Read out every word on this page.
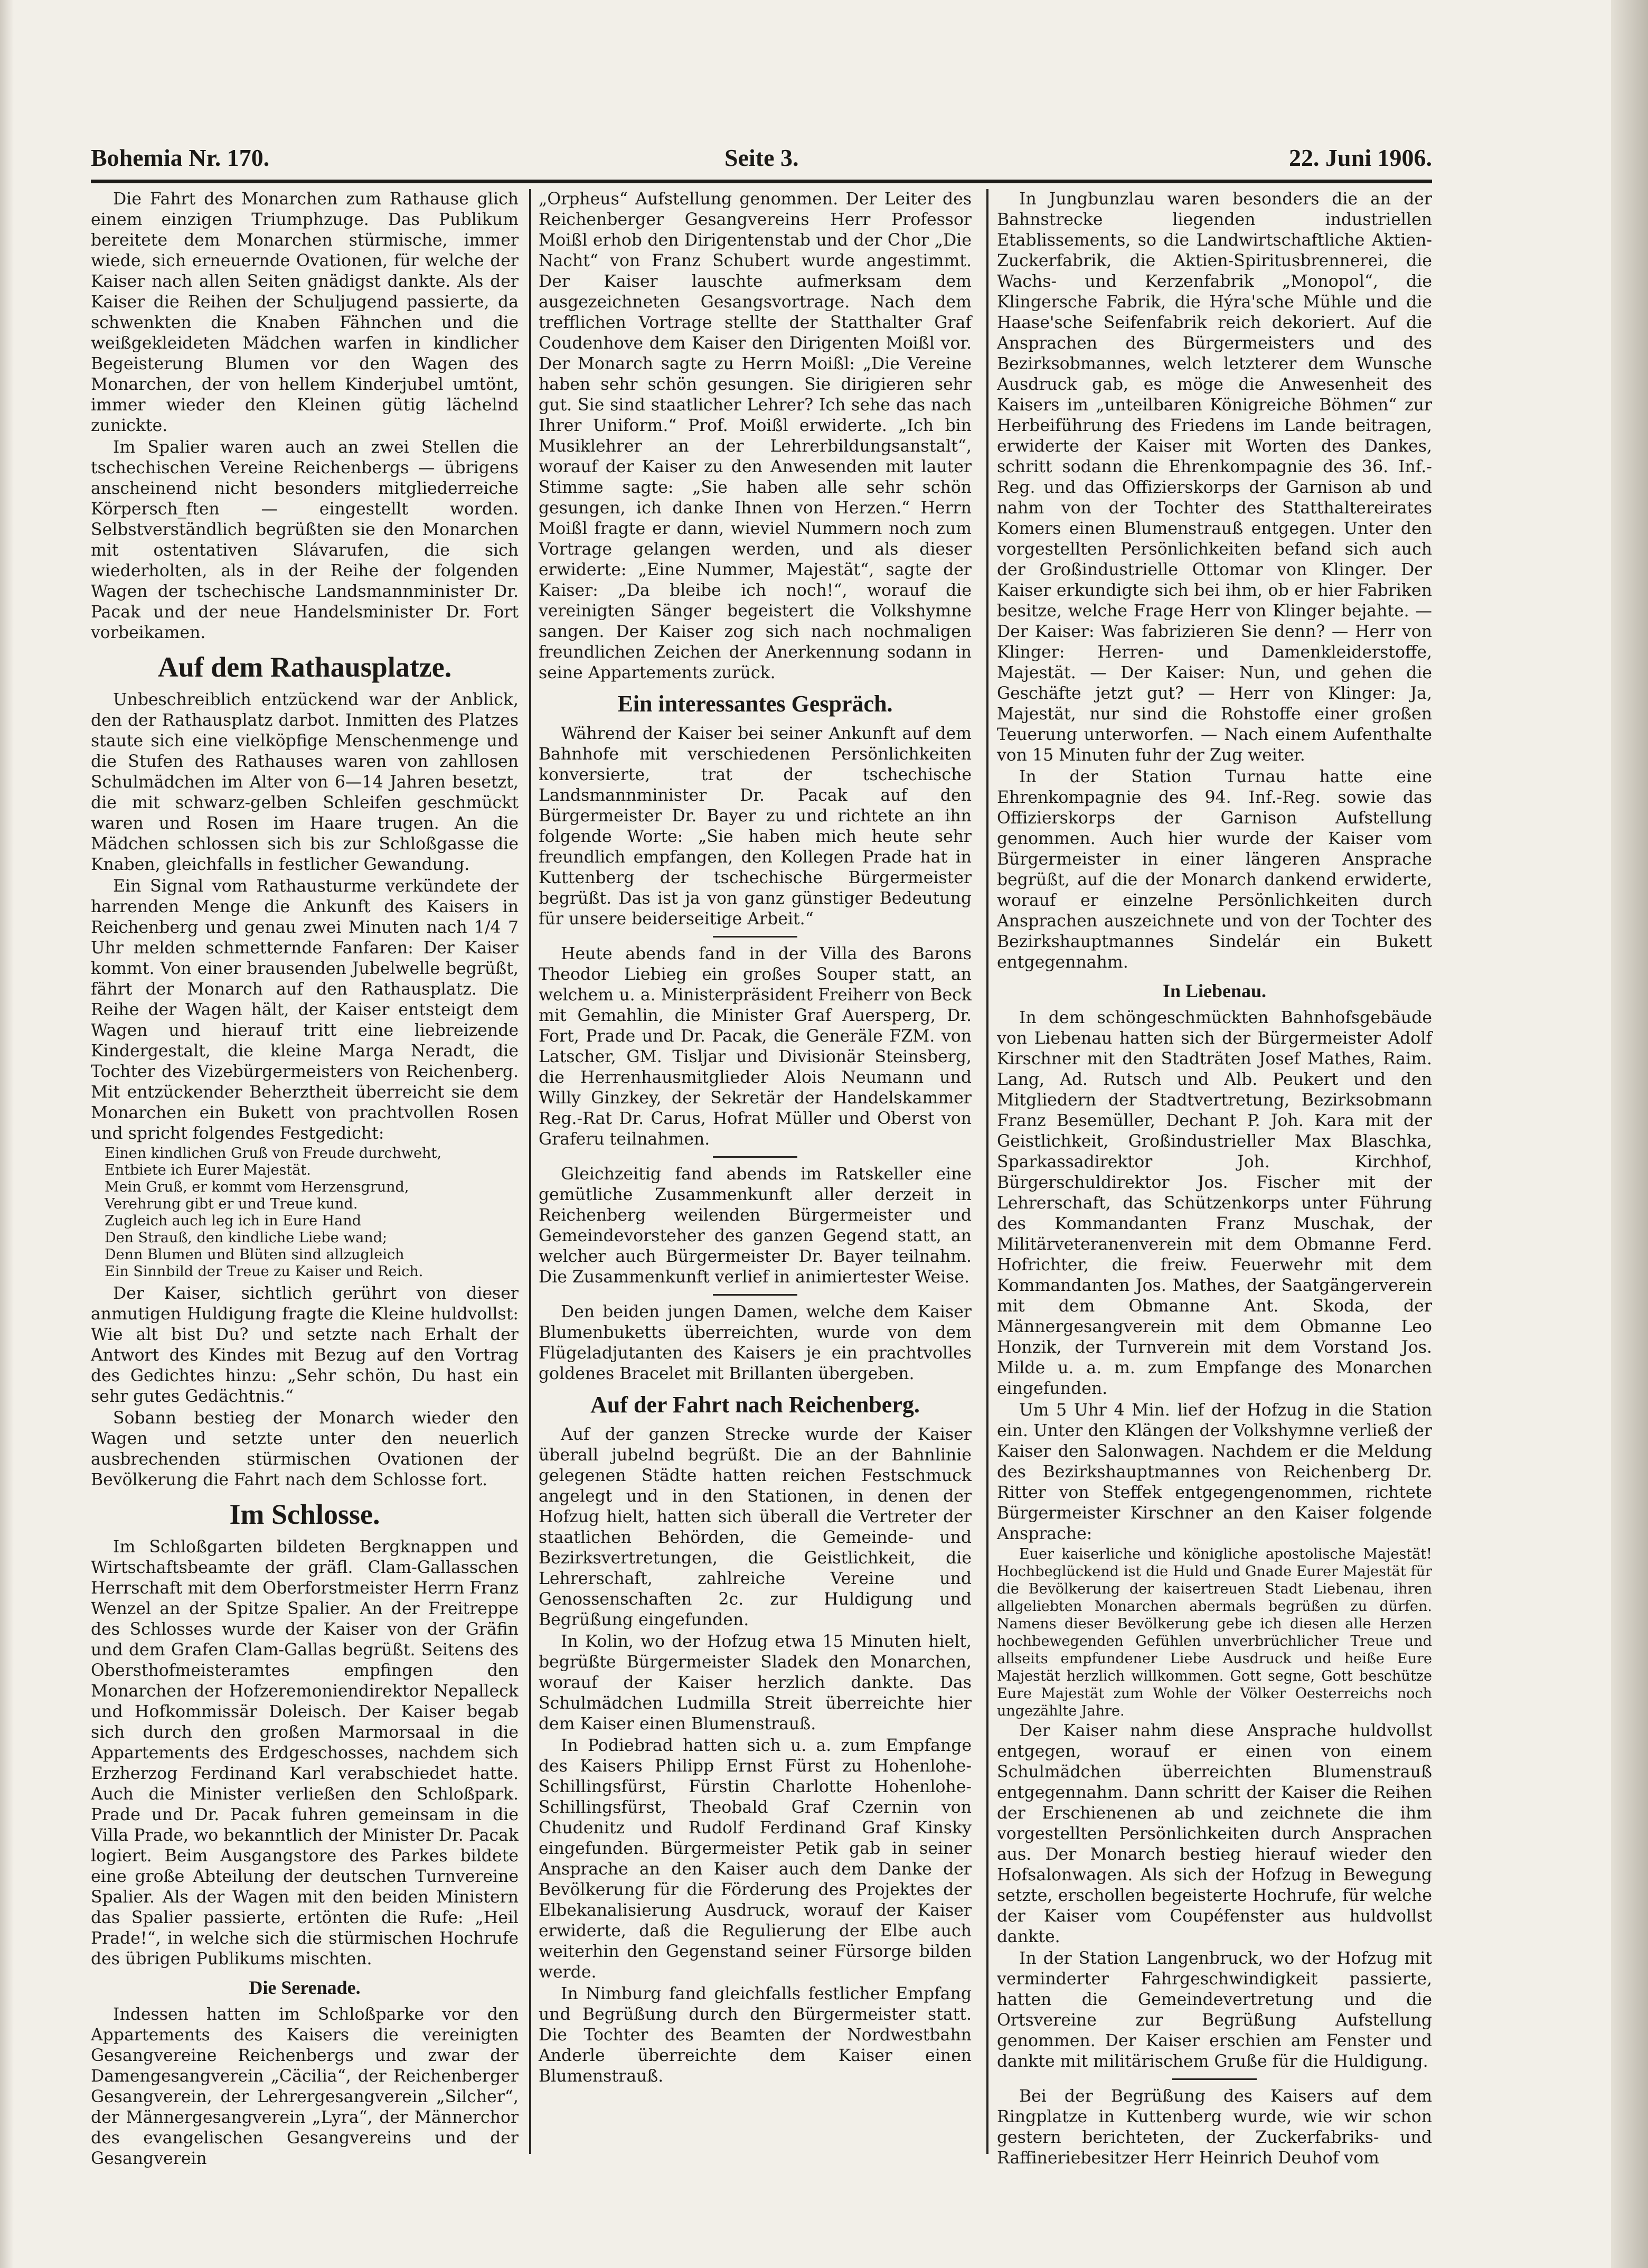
Bohemia Nr. 170.	Seite 3.	22. Juni 1906.

Die Fahrt des Monarchen zum Rathause glich einem einzigen Triumphzuge. Das Publikum bereitete dem Monarchen stürmische, immer wiede, sich erneuernde Ovationen, für welche der Kaiser nach allen Seiten gnädigst dankte. Als der Kaiser die Reihen der Schuljugend passierte, da schwenkten die Knaben Fähnchen und die weißgekleideten Mädchen warfen in kindlicher Begeisterung Blumen vor den Wagen des Monarchen, der von hellem Kinderjubel umtönt, immer wieder den Kleinen gütig lächelnd zunickte.

Im Spalier waren auch an zwei Stellen die tschechischen Vereine Reichenbergs — übrigens anscheinend nicht besonders mitgliederreiche Körpersch_ften — eingestellt worden. Selbstverständlich begrüßten sie den Monarchen mit ostentativen Slávarufen, die sich wiederholten, als in der Reihe der folgenden Wagen der tschechische Landsmannminister Dr. Pacak und der neue Handelsminister Dr. Fort vorbeikamen.

Auf dem Rathausplatze.

Unbeschreiblich entzückend war der Anblick, den der Rathausplatz darbot. Inmitten des Platzes staute sich eine vielköpfige Menschenmenge und die Stufen des Rathauses waren von zahllosen Schulmädchen im Alter von 6—14 Jahren besetzt, die mit schwarz-gelben Schleifen geschmückt waren und Rosen im Haare trugen. An die Mädchen schlossen sich bis zur Schloßgasse die Knaben, gleichfalls in festlicher Gewandung.

Ein Signal vom Rathausturme verkündete der harrenden Menge die Ankunft des Kaisers in Reichenberg und genau zwei Minuten nach 1/4 7 Uhr melden schmetternde Fanfaren: Der Kaiser kommt. Von einer brausenden Jubelwelle begrüßt, fährt der Monarch auf den Rathausplatz. Die Reihe der Wagen hält, der Kaiser entsteigt dem Wagen und hierauf tritt eine liebreizende Kindergestalt, die kleine Marga Neradt, die Tochter des Vizebürgermeisters von Reichenberg. Mit entzückender Beherztheit überreicht sie dem Monarchen ein Bukett von prachtvollen Rosen und spricht folgendes Festgedicht:

Einen kindlichen Gruß von Freude durchweht,
Entbiete ich Eurer Majestät.
Mein Gruß, er kommt vom Herzensgrund,
Verehrung gibt er und Treue kund.
Zugleich auch leg ich in Eure Hand
Den Strauß, den kindliche Liebe wand;
Denn Blumen und Blüten sind allzugleich
Ein Sinnbild der Treue zu Kaiser und Reich.

Der Kaiser, sichtlich gerührt von dieser anmutigen Huldigung fragte die Kleine huldvollst: Wie alt bist Du? und setzte nach Erhalt der Antwort des Kindes mit Bezug auf den Vortrag des Gedichtes hinzu: „Sehr schön, Du hast ein sehr gutes Gedächtnis.“

Sobann bestieg der Monarch wieder den Wagen und setzte unter den neuerlich ausbrechenden stürmischen Ovationen der Bevölkerung die Fahrt nach dem Schlosse fort.

Im Schlosse.

Im Schloßgarten bildeten Bergknappen und Wirtschaftsbeamte der gräfl. Clam-Gallasschen Herrschaft mit dem Oberforstmeister Herrn Franz Wenzel an der Spitze Spalier. An der Freitreppe des Schlosses wurde der Kaiser von der Gräfin und dem Grafen Clam-Gallas begrüßt. Seitens des Obersthofmeisteramtes empfingen den Monarchen der Hofzeremoniendirektor Nepalleck und Hofkommissär Doleisch. Der Kaiser begab sich durch den großen Marmorsaal in die Appartements des Erdgeschosses, nachdem sich Erzherzog Ferdinand Karl verabschiedet hatte. Auch die Minister verließen den Schloßpark. Prade und Dr. Pacak fuhren gemeinsam in die Villa Prade, wo bekanntlich der Minister Dr. Pacak logiert. Beim Ausgangstore des Parkes bildete eine große Abteilung der deutschen Turnvereine Spalier. Als der Wagen mit den beiden Ministern das Spalier passierte, ertönten die Rufe: „Heil Prade!“, in welche sich die stürmischen Hochrufe des übrigen Publikums mischten.

Die Serenade.

Indessen hatten im Schloßparke vor den Appartements des Kaisers die vereinigten Gesangvereine Reichenbergs und zwar der Damengesangverein „Cäcilia“, der Reichenberger Gesangverein, der Lehrergesangverein „Silcher“, der Männergesangverein „Lyra“, der Männerchor des evangelischen Gesangvereins und der Gesangverein

„Orpheus“ Aufstellung genommen. Der Leiter des Reichenberger Gesangvereins Herr Professor Moißl erhob den Dirigentenstab und der Chor „Die Nacht“ von Franz Schubert wurde angestimmt. Der Kaiser lauschte aufmerksam dem ausgezeichneten Gesangsvortrage. Nach dem trefflichen Vortrage stellte der Statthalter Graf Coudenhove dem Kaiser den Dirigenten Moißl vor. Der Monarch sagte zu Herrn Moißl: „Die Vereine haben sehr schön gesungen. Sie dirigieren sehr gut. Sie sind staatlicher Lehrer? Ich sehe das nach Ihrer Uniform.“ Prof. Moißl erwiderte. „Ich bin Musiklehrer an der Lehrerbildungsanstalt“, worauf der Kaiser zu den Anwesenden mit lauter Stimme sagte: „Sie haben alle sehr schön gesungen, ich danke Ihnen von Herzen.“ Herrn Moißl fragte er dann, wieviel Nummern noch zum Vortrage gelangen werden, und als dieser erwiderte: „Eine Nummer, Majestät“, sagte der Kaiser: „Da bleibe ich noch!“, worauf die vereinigten Sänger begeistert die Volkshymne sangen. Der Kaiser zog sich nach nochmaligen freundlichen Zeichen der Anerkennung sodann in seine Appartements zurück.

Ein interessantes Gespräch.

Während der Kaiser bei seiner Ankunft auf dem Bahnhofe mit verschiedenen Persönlichkeiten konversierte, trat der tschechische Landsmannminister Dr. Pacak auf den Bürgermeister Dr. Bayer zu und richtete an ihn folgende Worte: „Sie haben mich heute sehr freundlich empfangen, den Kollegen Prade hat in Kuttenberg der tschechische Bürgermeister begrüßt. Das ist ja von ganz günstiger Bedeutung für unsere beiderseitige Arbeit.“

Heute abends fand in der Villa des Barons Theodor Liebieg ein großes Souper statt, an welchem u. a. Ministerpräsident Freiherr von Beck mit Gemahlin, die Minister Graf Auersperg, Dr. Fort, Prade und Dr. Pacak, die Generäle FZM. von Latscher, GM. Tisljar und Divisionär Steinsberg, die Herrenhausmitglieder Alois Neumann und Willy Ginzkey, der Sekretär der Handelskammer Reg.-Rat Dr. Carus, Hofrat Müller und Oberst von Graferu teilnahmen.

Gleichzeitig fand abends im Ratskeller eine gemütliche Zusammenkunft aller derzeit in Reichenberg weilenden Bürgermeister und Gemeindevorsteher des ganzen Gegend statt, an welcher auch Bürgermeister Dr. Bayer teilnahm. Die Zusammenkunft verlief in animiertester Weise.

Den beiden jungen Damen, welche dem Kaiser Blumenbuketts überreichten, wurde von dem Flügeladjutanten des Kaisers je ein prachtvolles goldenes Bracelet mit Brillanten übergeben.

Auf der Fahrt nach Reichenberg.

Auf der ganzen Strecke wurde der Kaiser überall jubelnd begrüßt. Die an der Bahnlinie gelegenen Städte hatten reichen Festschmuck angelegt und in den Stationen, in denen der Hofzug hielt, hatten sich überall die Vertreter der staatlichen Behörden, die Gemeinde- und Bezirksvertretungen, die Geistlichkeit, die Lehrerschaft, zahlreiche Vereine und Genossenschaften 2c. zur Huldigung und Begrüßung eingefunden.

In Kolin, wo der Hofzug etwa 15 Minuten hielt, begrüßte Bürgermeister Sladek den Monarchen, worauf der Kaiser herzlich dankte. Das Schulmädchen Ludmilla Streit überreichte hier dem Kaiser einen Blumenstrauß.

In Podiebrad hatten sich u. a. zum Empfange des Kaisers Philipp Ernst Fürst zu Hohenlohe-Schillingsfürst, Fürstin Charlotte Hohenlohe-Schillingsfürst, Theobald Graf Czernin von Chudenitz und Rudolf Ferdinand Graf Kinsky eingefunden. Bürgermeister Petik gab in seiner Ansprache an den Kaiser auch dem Danke der Bevölkerung für die Förderung des Projektes der Elbekanalisierung Ausdruck, worauf der Kaiser erwiderte, daß die Regulierung der Elbe auch weiterhin den Gegenstand seiner Fürsorge bilden werde.

In Nimburg fand gleichfalls festlicher Empfang und Begrüßung durch den Bürgermeister statt. Die Tochter des Beamten der Nordwestbahn Anderle überreichte dem Kaiser einen Blumenstrauß.

In Jungbunzlau waren besonders die an der Bahnstrecke liegenden industriellen Etablissements, so die Landwirtschaftliche Aktien-Zuckerfabrik, die Aktien-Spiritusbrennerei, die Wachs- und Kerzenfabrik „Monopol“, die Klingersche Fabrik, die Hýra'sche Mühle und die Haase'sche Seifenfabrik reich dekoriert. Auf die Ansprachen des Bürgermeisters und des Bezirksobmannes, welch letzterer dem Wunsche Ausdruck gab, es möge die Anwesenheit des Kaisers im „unteilbaren Königreiche Böhmen“ zur Herbeiführung des Friedens im Lande beitragen, erwiderte der Kaiser mit Worten des Dankes, schritt sodann die Ehrenkompagnie des 36. Inf.-Reg. und das Offizierskorps der Garnison ab und nahm von der Tochter des Statthaltereirates Komers einen Blumenstrauß entgegen. Unter den vorgestellten Persönlichkeiten befand sich auch der Großindustrielle Ottomar von Klinger. Der Kaiser erkundigte sich bei ihm, ob er hier Fabriken besitze, welche Frage Herr von Klinger bejahte. — Der Kaiser: Was fabrizieren Sie denn? — Herr von Klinger: Herren- und Damenkleiderstoffe, Majestät. — Der Kaiser: Nun, und gehen die Geschäfte jetzt gut? — Herr von Klinger: Ja, Majestät, nur sind die Rohstoffe einer großen Teuerung unterworfen. — Nach einem Aufenthalte von 15 Minuten fuhr der Zug weiter.

In der Station Turnau hatte eine Ehrenkompagnie des 94. Inf.-Reg. sowie das Offizierskorps der Garnison Aufstellung genommen. Auch hier wurde der Kaiser vom Bürgermeister in einer längeren Ansprache begrüßt, auf die der Monarch dankend erwiderte, worauf er einzelne Persönlichkeiten durch Ansprachen auszeichnete und von der Tochter des Bezirkshauptmannes Sindelár ein Bukett entgegennahm.

In Liebenau.

In dem schöngeschmückten Bahnhofsgebäude von Liebenau hatten sich der Bürgermeister Adolf Kirschner mit den Stadträten Josef Mathes, Raim. Lang, Ad. Rutsch und Alb. Peukert und den Mitgliedern der Stadtvertretung, Bezirksobmann Franz Besemüller, Dechant P. Joh. Kara mit der Geistlichkeit, Großindustrieller Max Blaschka, Sparkassadirektor Joh. Kirchhof, Bürgerschuldirektor Jos. Fischer mit der Lehrerschaft, das Schützenkorps unter Führung des Kommandanten Franz Muschak, der Militärveteranenverein mit dem Obmanne Ferd. Hofrichter, die freiw. Feuerwehr mit dem Kommandanten Jos. Mathes, der Saatgängerverein mit dem Obmanne Ant. Skoda, der Männergesangverein mit dem Obmanne Leo Honzik, der Turnverein mit dem Vorstand Jos. Milde u. a. m. zum Empfange des Monarchen eingefunden.

Um 5 Uhr 4 Min. lief der Hofzug in die Station ein. Unter den Klängen der Volkshymne verließ der Kaiser den Salonwagen. Nachdem er die Meldung des Bezirkshauptmannes von Reichenberg Dr. Ritter von Steffek entgegengenommen, richtete Bürgermeister Kirschner an den Kaiser folgende Ansprache:

Euer kaiserliche und königliche apostolische Majestät! Hochbeglückend ist die Huld und Gnade Eurer Majestät für die Bevölkerung der kaisertreuen Stadt Liebenau, ihren allgeliebten Monarchen abermals begrüßen zu dürfen. Namens dieser Bevölkerung gebe ich diesen alle Herzen hochbewegenden Gefühlen unverbrüchlicher Treue und allseits empfundener Liebe Ausdruck und heiße Eure Majestät herzlich willkommen. Gott segne, Gott beschütze Eure Majestät zum Wohle der Völker Oesterreichs noch ungezählte Jahre.

Der Kaiser nahm diese Ansprache huldvollst entgegen, worauf er einen von einem Schulmädchen überreichten Blumenstrauß entgegennahm. Dann schritt der Kaiser die Reihen der Erschienenen ab und zeichnete die ihm vorgestellten Persönlichkeiten durch Ansprachen aus. Der Monarch bestieg hierauf wieder den Hofsalonwagen. Als sich der Hofzug in Bewegung setzte, erschollen begeisterte Hochrufe, für welche der Kaiser vom Coupéfenster aus huldvollst dankte.

In der Station Langenbruck, wo der Hofzug mit verminderter Fahrgeschwindigkeit passierte, hatten die Gemeindevertretung und die Ortsvereine zur Begrüßung Aufstellung genommen. Der Kaiser erschien am Fenster und dankte mit militärischem Gruße für die Huldigung.

Bei der Begrüßung des Kaisers auf dem Ringplatze in Kuttenberg wurde, wie wir schon gestern berichteten, der Zuckerfabriks- und Raffineriebesitzer Herr Heinrich Deuhof vom
